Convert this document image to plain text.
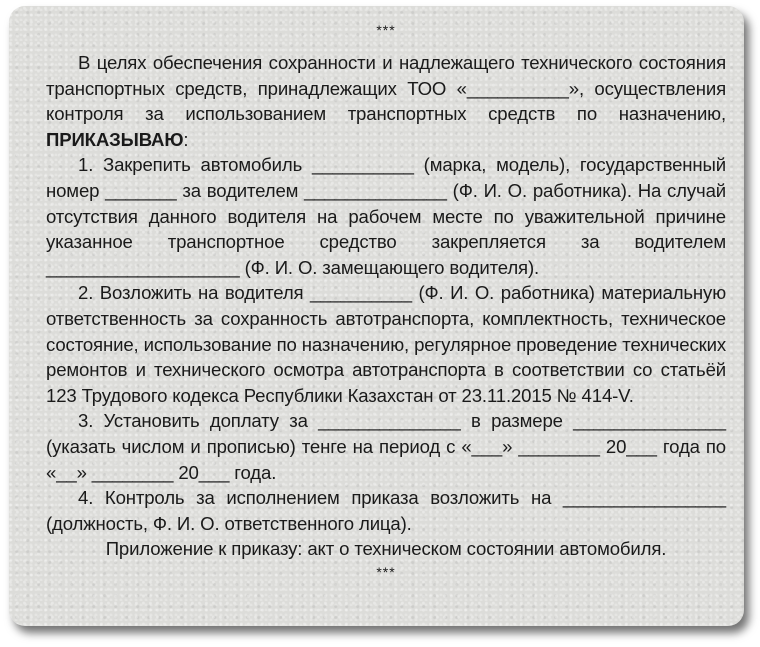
***

В целях обеспечения сохранности и надлежащего технического состояния транспортных средств, принадлежащих ТОО «__________», осуществления контроля за использованием транспортных средств по назначению, ПРИКАЗЫВАЮ:

1. Закрепить автомобиль __________ (марка, модель), государственный номер _______ за водителем ______________ (Ф. И. О. работника). На случай отсутствия данного водителя на рабочем месте по уважительной причине указанное транспортное средство закрепляется за водителем ___________________ (Ф. И. О. замещающего водителя).

2. Возложить на водителя __________ (Ф. И. О. работника) материальную ответственность за сохранность автотранспорта, комплектность, техническое состояние, использование по назначению, регулярное проведение технических ремонтов и технического осмотра автотранспорта в соответствии со статьёй 123 Трудового кодекса Республики Казахстан от 23.11.2015 № 414-V.

3. Установить доплату за ______________ в размере _______________ (указать числом и прописью) тенге на период с «___» ________ 20___ года по «__» ________ 20___ года.

4. Контроль за исполнением приказа возложить на ________________ (должность, Ф. И. О. ответственного лица).

Приложение к приказу: акт о техническом состоянии автомобиля.
***
